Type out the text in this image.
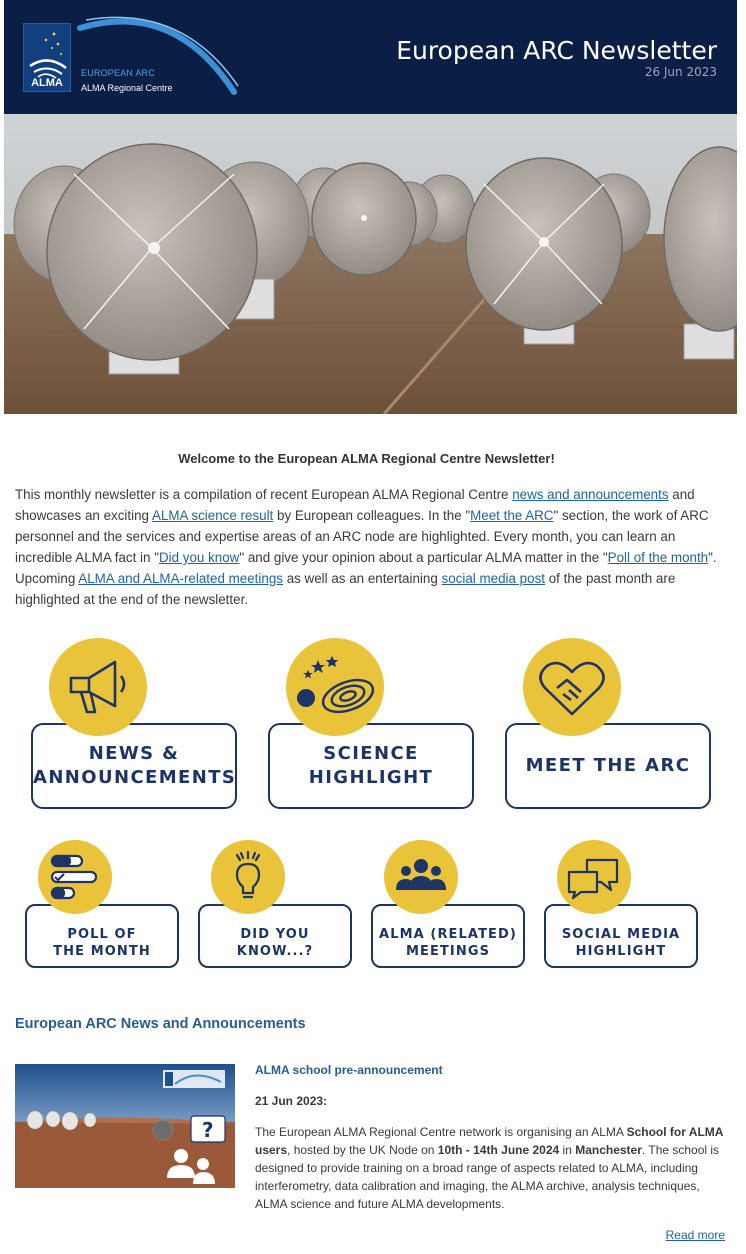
ALMA
EUROPEAN ARC
ALMA Regional Centre
European ARC Newsletter
26 Jun 2023
Welcome to the European ALMA Regional Centre Newsletter!

This monthly newsletter is a compilation of recent European ALMA Regional Centre news and announcements and showcases an exciting ALMA science result by European colleagues. In the "Meet the ARC" section, the work of ARC personnel and the services and expertise areas of an ARC node are highlighted. Every month, you can learn an incredible ALMA fact in "Did you know" and give your opinion about a particular ALMA matter in the "Poll of the month". Upcoming ALMA and ALMA-related meetings as well as an entertaining social media post of the past month are highlighted at the end of the newsletter.

NEWS &
ANNOUNCEMENTS
SCIENCE
HIGHLIGHT
MEET THE ARC
POLL OF
THE MONTH
DID YOU
KNOW...?
ALMA (RELATED)
MEETINGS
SOCIAL MEDIA
HIGHLIGHT
European ARC News and Announcements
?
ALMA school pre-announcement
21 Jun 2023:

The European ALMA Regional Centre network is organising an ALMA School for ALMA users, hosted by the UK Node on 10th - 14th June 2024 in Manchester. The school is designed to provide training on a broad range of aspects related to ALMA, including interferometry, data calibration and imaging, the ALMA archive, analysis techniques, ALMA science and future ALMA developments.

Read more
